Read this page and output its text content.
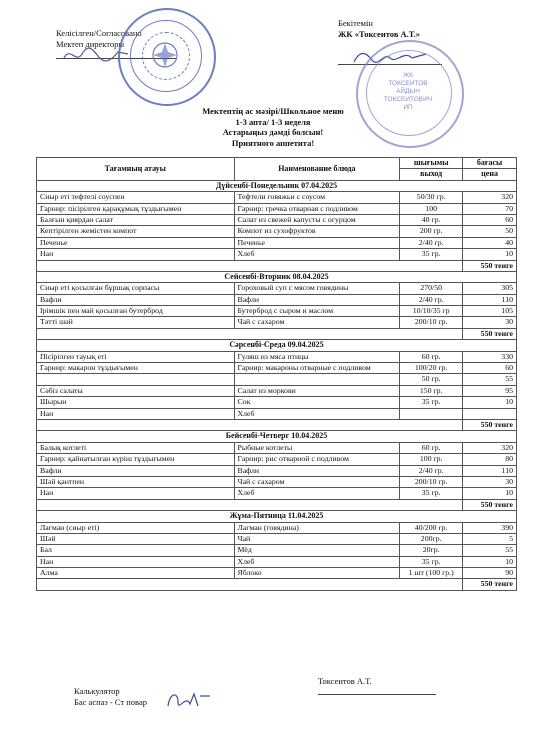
Келісілген/Согласовано
Мектеп директоры
Бекітемін
ЖК «Токсеитов А.Т.»
ЖК
ТОКСЕИТОВ
АЙДЫН
ТОКСЕИТОВИЧ
ИП
Мектептің ас мәзірі/Школьное меню
1-3 апта/ 1-3 неделя
Астарыңыз дәмді болсын!
Приятного аппетита!
Тағамның атауы	Наименование блюда	шығымы	бағасы
		выход	цена
Дүйсенбі-Понедельник 07.04.2025			
Сиыр еті тефтелі соуспен	Тефтели говяжьи с соусом	50/30 гр.	320
Гарнир: пісірілген қарақұмық тұздығымен	Гарнир: гречка отварная с подливом	100	70
Балғын қиярдан салат	Салат из свежей капусты с огурцом	40 гр.	60
Кептірілген жемістен компот	Компот из сухофруктов	200 гр.	50
Печенье	Печенье	2/40 гр.	40
Нан	Хлеб	35 гр.	10
			550 тенге
Сейсенбі-Вторник 08.04.2025			
Сиыр еті қосылған бұршақ сорпасы	Гороховый суп с мясом говядины	270/50	305
Вафли	Вафли	2/40 гр.	110
Ірімшік пен май қосылған бутерброд	Бутерброд с сыром и маслом	10/10/35 гр	105
Тәтті шәй	Чай с сахаром	200/10 гр.	30
			550 тенге
Сәрсенбі-Среда 09.04.2025			
Пісірілген тауық еті	Гуляш из мяса птицы	60 гр.	330
Гарнир: макарон тұздығымен	Гарнир: макароны отварные с подливом	100/20 гр.	60
		50 гр.	55
Сәбіз салаты	Салат из моркови	150 гр.	95
Шырын	Сок	35 гр.	10
Нан	Хлеб		
			550 тенге
Бейсенбі-Четверг 10.04.2025			
Балық котлеті	Рыбные котлеты	60 гр.	320
Гарнир: қайнатылған күріш тұздығымен	Гарнир: рис отварной с подливом	100 гр.	80
Вафли	Вафли	2/40 гр.	110
Шәй қантпен	Чай с сахаром	200/10 гр.	30
Нан	Хлеб	35 гр.	10
			550 тенге
Жұма-Пятница 11.04.2025			
Лагман (сиыр еті)	Лагман (говядина)	40/200 гр.	390
Шәй	Чай	200гр.	5
Бал	Мёд	20гр.	55
Нан	Хлеб	35 гр.	10
Алма	Яблоко	1 шт (100 гр.)	90
			550 тенге
Калькулятор
Бас аспаз - Ст повар
Токсеитов А.Т.
